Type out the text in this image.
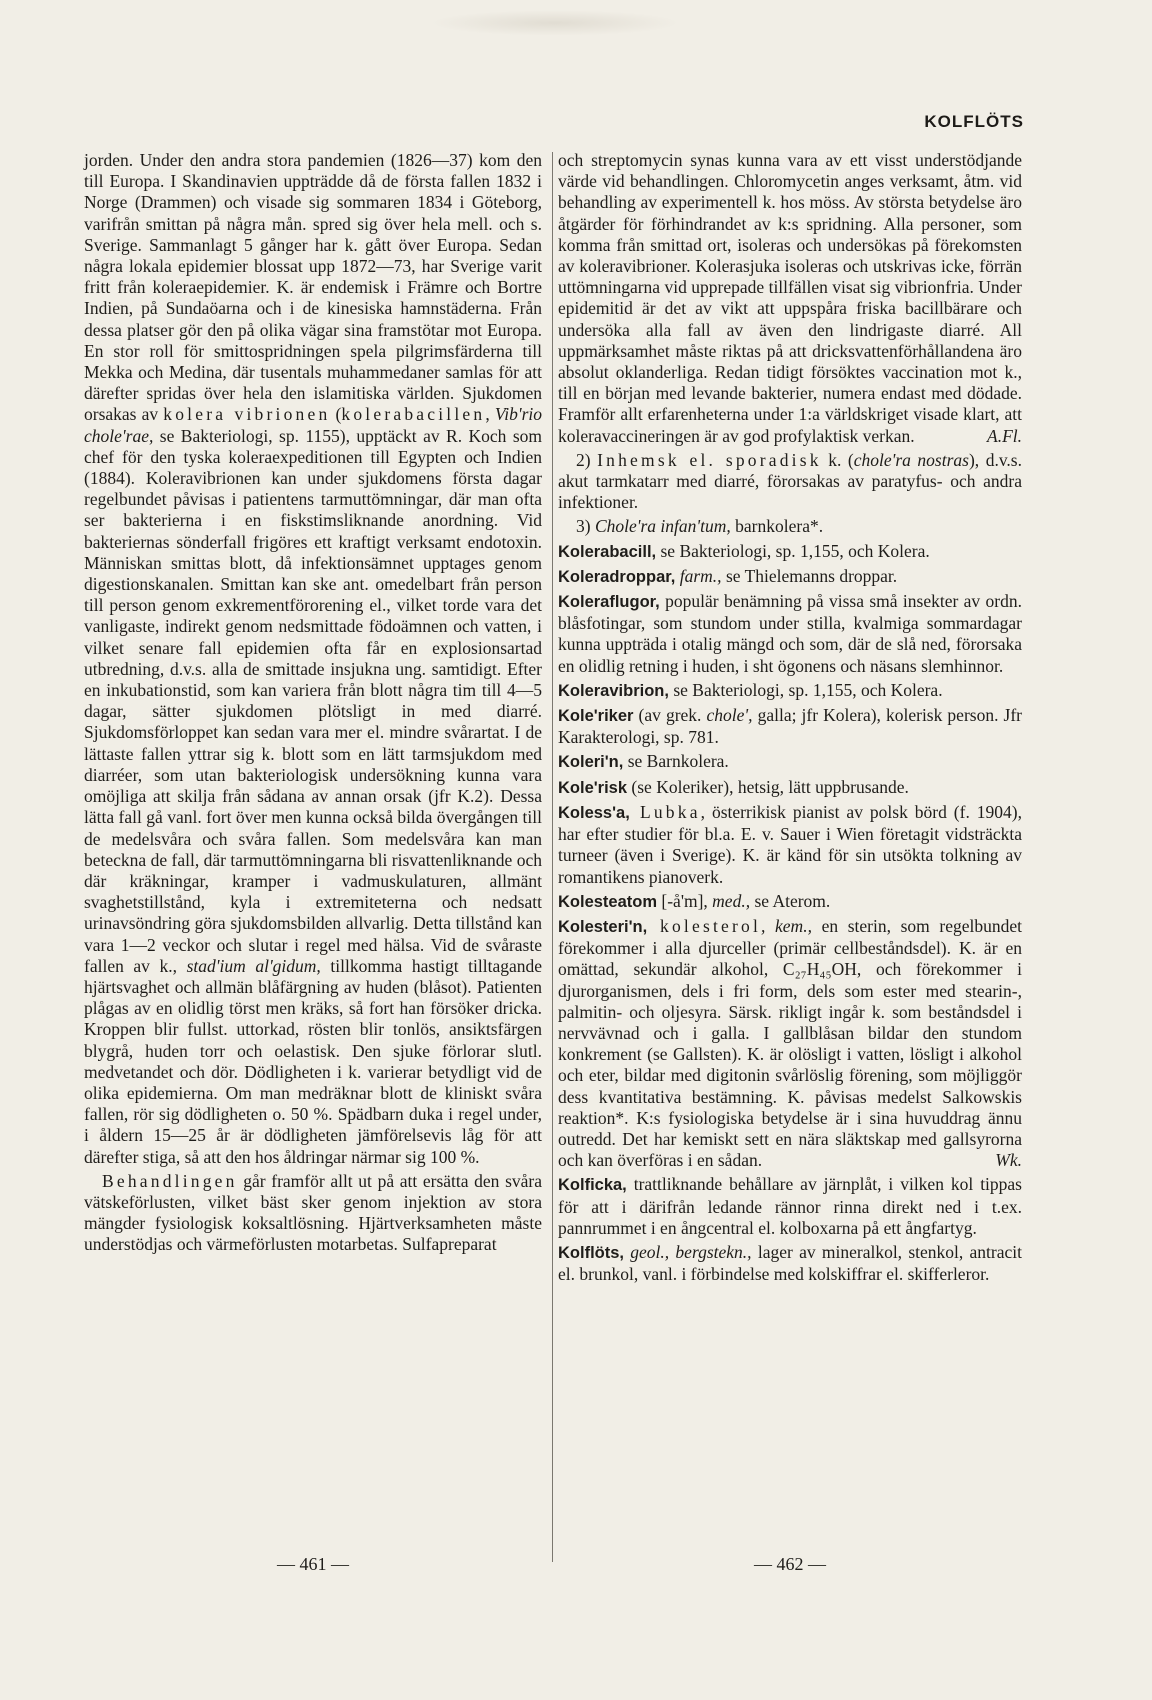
KOLFLÖTS

jorden. Under den andra stora pandemien (1826—37) kom den till Europa. I Skandinavien uppträdde då de första fallen 1832 i Norge (Drammen) och visade sig sommaren 1834 i Göteborg, varifrån smittan på några mån. spred sig över hela mell. och s. Sverige. Sammanlagt 5 gånger har k. gått över Europa. Sedan några lokala epidemier blossat upp 1872—73, har Sverige varit fritt från koleraepidemier. K. är endemisk i Främre och Bortre Indien, på Sundaöarna och i de kinesiska hamnstäderna. Från dessa platser gör den på olika vägar sina framstötar mot Europa. En stor roll för smittospridningen spela pilgrimsfärderna till Mekka och Medina, där tusentals muhammedaner samlas för att därefter spridas över hela den islamitiska världen. Sjukdomen orsakas av kolera vibrionen (kolerabacillen, Vib'rio chole'rae, se Bakteriologi, sp. 1155), upptäckt av R. Koch som chef för den tyska koleraexpeditionen till Egypten och Indien (1884). Koleravibrionen kan under sjukdomens första dagar regelbundet påvisas i patientens tarmuttömningar, där man ofta ser bakterierna i en fiskstimsliknande anordning. Vid bakteriernas sönderfall frigöres ett kraftigt verksamt endotoxin. Människan smittas blott, då infektionsämnet upptages genom digestionskanalen. Smittan kan ske ant. omedelbart från person till person genom exkrementförorening el., vilket torde vara det vanligaste, indirekt genom nedsmittade födoämnen och vatten, i vilket senare fall epidemien ofta får en explosionsartad utbredning, d.v.s. alla de smittade insjukna ung. samtidigt. Efter en inkubationstid, som kan variera från blott några tim till 4—5 dagar, sätter sjukdomen plötsligt in med diarré. Sjukdomsförloppet kan sedan vara mer el. mindre svårartat. I de lättaste fallen yttrar sig k. blott som en lätt tarmsjukdom med diarréer, som utan bakteriologisk undersökning kunna vara omöjliga att skilja från sådana av annan orsak (jfr K.2). Dessa lätta fall gå vanl. fort över men kunna också bilda övergången till de medelsvåra och svåra fallen. Som medelsvåra kan man beteckna de fall, där tarmuttömningarna bli risvattenliknande och där kräkningar, kramper i vadmuskulaturen, allmänt svaghetstillstånd, kyla i extremiteterna och nedsatt urinavsöndring göra sjukdomsbilden allvarlig. Detta tillstånd kan vara 1—2 veckor och slutar i regel med hälsa. Vid de svåraste fallen av k., stad'ium al'gidum, tillkomma hastigt tilltagande hjärtsvaghet och allmän blåfärgning av huden (blåsot). Patienten plågas av en olidlig törst men kräks, så fort han försöker dricka. Kroppen blir fullst. uttorkad, rösten blir tonlös, ansiktsfärgen blygrå, huden torr och oelastisk. Den sjuke förlorar slutl. medvetandet och dör. Dödligheten i k. varierar betydligt vid de olika epidemierna. Om man medräknar blott de kliniskt svåra fallen, rör sig dödligheten o. 50 %. Spädbarn duka i regel under, i åldern 15—25 år är dödligheten jämförelsevis låg för att därefter stiga, så att den hos åldringar närmar sig 100 %.

Behandlingen går framför allt ut på att ersätta den svåra vätskeförlusten, vilket bäst sker genom injektion av stora mängder fysiologisk koksaltlösning. Hjärtverksamheten måste understödjas och värmeförlusten motarbetas. Sulfapreparat

och streptomycin synas kunna vara av ett visst understödjande värde vid behandlingen. Chloromycetin anges verksamt, åtm. vid behandling av experimentell k. hos möss. Av största betydelse äro åtgärder för förhindrandet av k:s spridning. Alla personer, som komma från smittad ort, isoleras och undersökas på förekomsten av koleravibrioner. Kolerasjuka isoleras och utskrivas icke, förrän uttömningarna vid upprepade tillfällen visat sig vibrionfria. Under epidemitid är det av vikt att uppspåra friska bacillbärare och undersöka alla fall av även den lindrigaste diarré. All uppmärksamhet måste riktas på att dricksvattenförhållandena äro absolut oklanderliga. Redan tidigt försöktes vaccination mot k., till en början med levande bakterier, numera endast med dödade. Framför allt erfarenheterna under 1:a världskriget visade klart, att koleravaccineringen är av god profylaktisk verkan.	A.Fl.

2) Inhemsk el. sporadisk k. (chole'ra nostras), d.v.s. akut tarmkatarr med diarré, förorsakas av paratyfus- och andra infektioner.

3) Chole'ra infan'tum, barnkolera*.

Kolerabacill, se Bakteriologi, sp. 1,155, och Kolera.

Koleradroppar, farm., se Thielemanns droppar.

Koleraflugor, populär benämning på vissa små insekter av ordn. blåsfotingar, som stundom under stilla, kvalmiga sommardagar kunna uppträda i otalig mängd och som, där de slå ned, förorsaka en olidlig retning i huden, i sht ögonens och näsans slemhinnor.

Koleravibrion, se Bakteriologi, sp. 1,155, och Kolera.

Kole'riker (av grek. chole', galla; jfr Kolera), kolerisk person. Jfr Karakterologi, sp. 781.

Koleri'n, se Barnkolera.

Kole'risk (se Koleriker), hetsig, lätt uppbrusande.

Koless'a, Lubka, österrikisk pianist av polsk börd (f. 1904), har efter studier för bl.a. E. v. Sauer i Wien företagit vidsträckta turneer (även i Sverige). K. är känd för sin utsökta tolkning av romantikens pianoverk.

Kolesteatom [-å'm], med., se Aterom.

Kolesteri'n, kolesterol, kem., en sterin, som regelbundet förekommer i alla djurceller (primär cellbeståndsdel). K. är en omättad, sekundär alkohol, C₂₇H₄₅OH, och förekommer i djurorganismen, dels i fri form, dels som ester med stearin-, palmitin- och oljesyra. Särsk. rikligt ingår k. som beståndsdel i nervvävnad och i galla. I gallblåsan bildar den stundom konkrement (se Gallsten). K. är olösligt i vatten, lösligt i alkohol och eter, bildar med digitonin svårlöslig förening, som möjliggör dess kvantitativa bestämning. K. påvisas medelst Salkowskis reaktion*. K:s fysiologiska betydelse är i sina huvuddrag ännu outredd. Det har kemiskt sett en nära släktskap med gallsyrorna och kan överföras i en sådan.	Wk.

Kolficka, trattliknande behållare av järnplåt, i vilken kol tippas för att i därifrån ledande rännor rinna direkt ned i t.ex. pannrummet i en ångcentral el. kolboxarna på ett ångfartyg.

Kolflöts, geol., bergstekn., lager av mineralkol, stenkol, antracit el. brunkol, vanl. i förbindelse med kolskiffrar el. skifferleror.

— 461 —	— 462 —
